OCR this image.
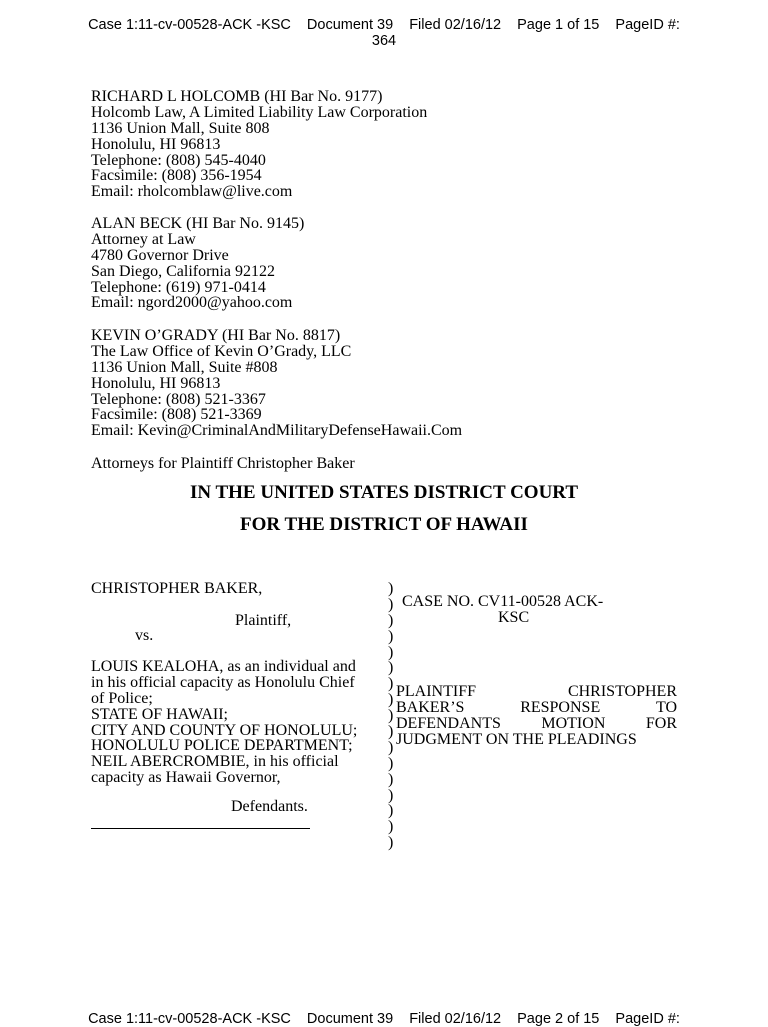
Case 1:11-cv-00528-ACK -KSC Document 39 Filed 02/16/12 Page 1 of 15 PageID #:
364
RICHARD L HOLCOMB (HI Bar No. 9177)
Holcomb Law, A Limited Liability Law Corporation
1136 Union Mall, Suite 808
Honolulu, HI 96813
Telephone: (808) 545-4040
Facsimile: (808) 356-1954
Email: rholcomblaw@live.com
ALAN BECK (HI Bar No. 9145)
Attorney at Law
4780 Governor Drive
San Diego, California 92122
Telephone: (619) 971-0414
Email: ngord2000@yahoo.com
KEVIN O’GRADY (HI Bar No. 8817)
The Law Office of Kevin O’Grady, LLC
1136 Union Mall, Suite #808
Honolulu, HI 96813
Telephone: (808) 521-3367
Facsimile: (808) 521-3369
Email: Kevin@CriminalAndMilitaryDefenseHawaii.Com
Attorneys for Plaintiff Christopher Baker
IN THE UNITED STATES DISTRICT COURT
FOR THE DISTRICT OF HAWAII
CHRISTOPHER BAKER,
Plaintiff,
vs.
LOUIS KEALOHA, as an individual and
in his official capacity as Honolulu Chief
of Police;
STATE OF HAWAII;
CITY AND COUNTY OF HONOLULU;
HONOLULU POLICE DEPARTMENT;
NEIL ABERCROMBIE, in his official
capacity as Hawaii Governor,
Defendants.
)
)
)
)
)
)
)
)
)
)
)
)
)
)
)
)
)
CASE NO. CV11-00528 ACK-
KSC
PLAINTIFF	CHRISTOPHER
BAKER’S	RESPONSE	TO
DEFENDANTS	MOTION	FOR
JUDGMENT ON THE PLEADINGS
Case 1:11-cv-00528-ACK -KSC Document 39 Filed 02/16/12 Page 2 of 15 PageID #:
